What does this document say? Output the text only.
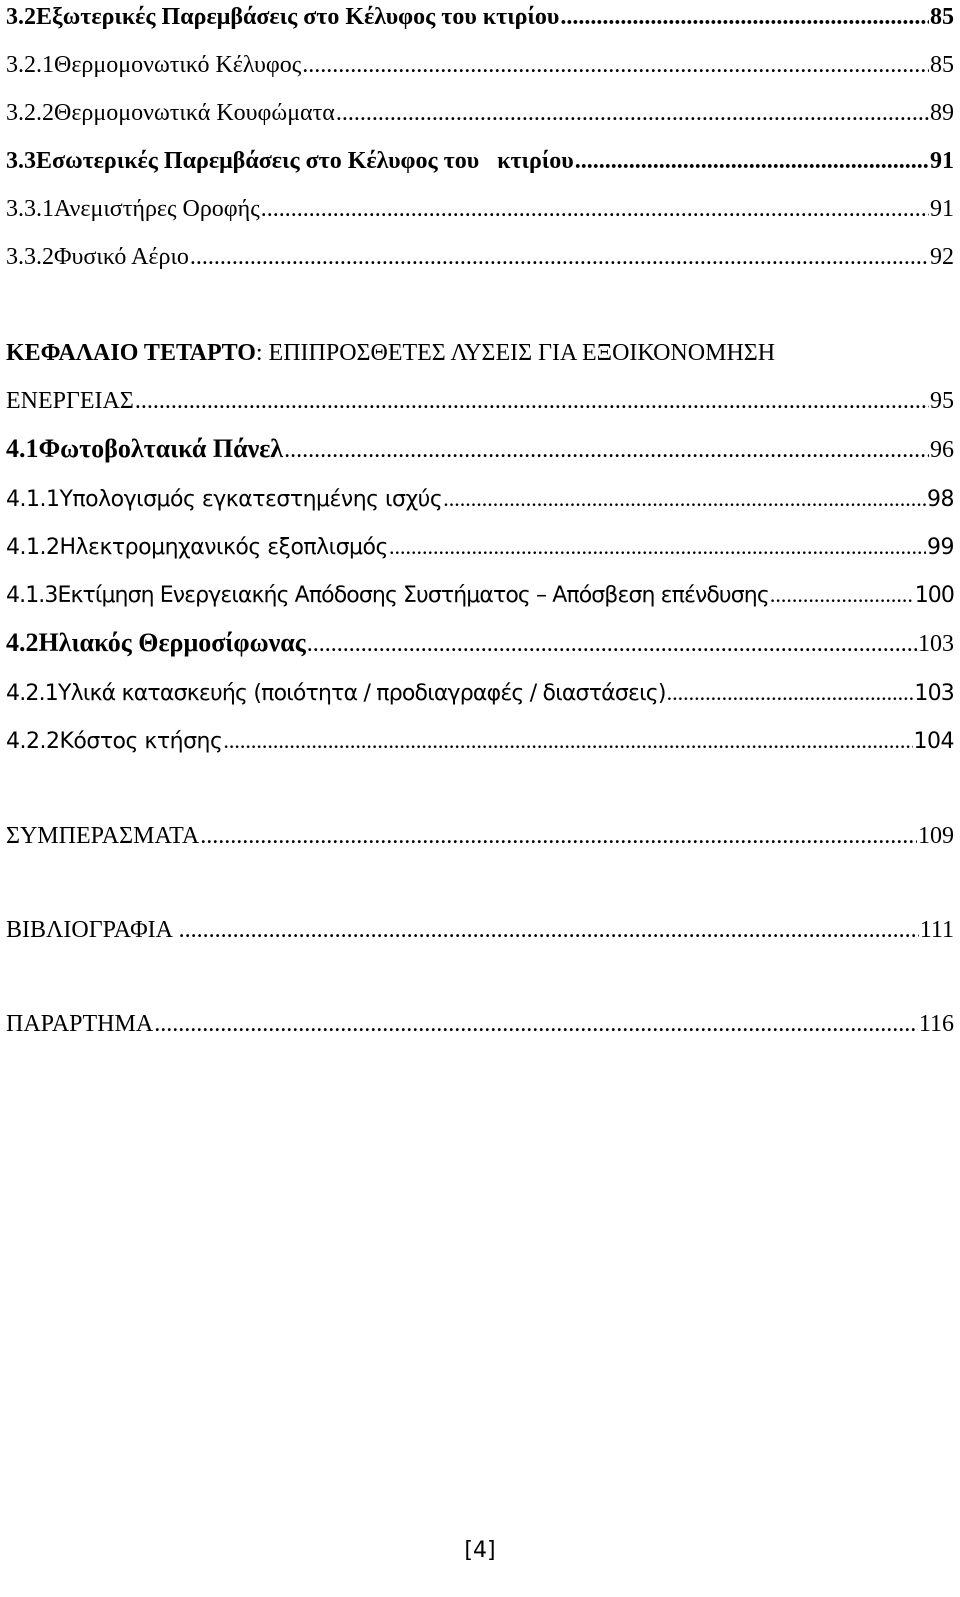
3.2 Εξωτερικές Παρεμβάσεις στο Κέλυφος του κτιρίου .....	85
3.2.1 Θερμομονωτικό Κέλυφος .....	85
3.2.2 Θερμομονωτικά Κουφώματα .....	89
3.3 Εσωτερικές Παρεμβάσεις στο Κέλυφος του   κτιρίου .....	91
3.3.1 Ανεμιστήρες Οροφής .....	91
3.3.2 Φυσικό Αέριο .....	92
ΚΕΦΑΛΑΙΟ ΤΕΤΑΡΤΟ : ΕΠΙΠΡΟΣΘΕΤΕΣ ΛΥΣΕΙΣ ΓΙΑ ΕΞΟΙΚΟΝΟΜΗΣΗ
ΕΝΕΡΓΕΙΑΣ .....	95
4.1 Φωτοβολταικά Πάνελ .....	96
4.1.1 Υπολογισμός εγκατεστημένης ισχύς .....	98
4.1.2 Ηλεκτρομηχανικός εξοπλισμός .....	99
4.1.3 Εκτίμηση Ενεργειακής Απόδοσης Συστήματος – Απόσβεση επένδυσης .....	100
4.2 Ηλιακός Θερμοσίφωνας .....	103
4.2.1 Υλικά κατασκευής (ποιότητα / προδιαγραφές / διαστάσεις) .....	103
4.2.2 Κόστος κτήσης .....	104
ΣΥΜΠΕΡΑΣΜΑΤΑ .....	109
ΒΙΒΛΙΟΓΡΑΦΙΑ .....	111
ΠΑΡΑΡΤΗΜΑ .....	116
[4]
